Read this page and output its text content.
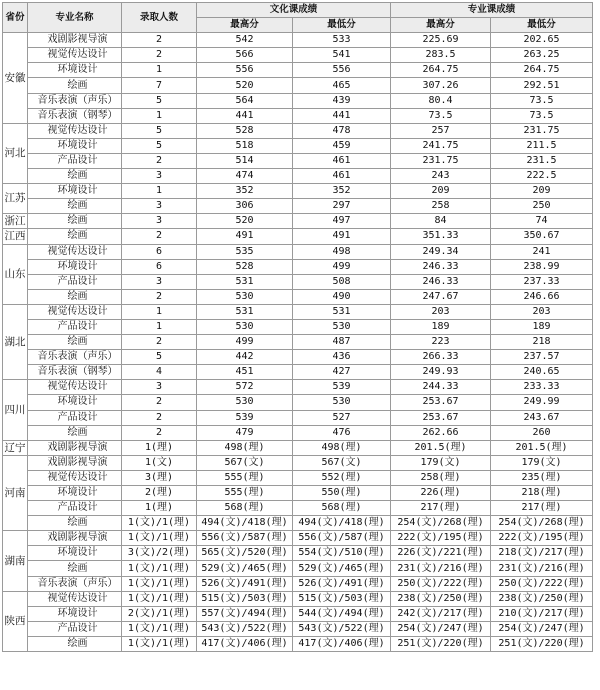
省份	专业名称	录取人数	文化课成绩		专业课成绩	
			最高分	最低分	最高分	最低分
安徽	戏剧影视导演	2	542	533	225.69	202.65
	视觉传达设计	2	566	541	283.5	263.25
	环境设计	1	556	556	264.75	264.75
	绘画	7	520	465	307.26	292.51
	音乐表演（声乐）	5	564	439	80.4	73.5
	音乐表演（钢琴）	1	441	441	73.5	73.5
河北	视觉传达设计	5	528	478	257	231.75
	环境设计	5	518	459	241.75	211.5
	产品设计	2	514	461	231.75	231.5
	绘画	3	474	461	243	222.5
江苏	环境设计	1	352	352	209	209
	绘画	3	306	297	258	250
浙江	绘画	3	520	497	84	74
江西	绘画	2	491	491	351.33	350.67
山东	视觉传达设计	6	535	498	249.34	241
	环境设计	6	528	499	246.33	238.99
	产品设计	3	531	508	246.33	237.33
	绘画	2	530	490	247.67	246.66
湖北	视觉传达设计	1	531	531	203	203
	产品设计	1	530	530	189	189
	绘画	2	499	487	223	218
	音乐表演（声乐）	5	442	436	266.33	237.57
	音乐表演（钢琴）	4	451	427	249.93	240.65
四川	视觉传达设计	3	572	539	244.33	233.33
	环境设计	2	530	530	253.67	249.99
	产品设计	2	539	527	253.67	243.67
	绘画	2	479	476	262.66	260
辽宁	戏剧影视导演	1(理)	498(理)	498(理)	201.5(理)	201.5(理)
河南	戏剧影视导演	1(文)	567(文)	567(文)	179(文)	179(文)
	视觉传达设计	3(理)	555(理)	552(理)	258(理)	235(理)
	环境设计	2(理)	555(理)	550(理)	226(理)	218(理)
	产品设计	1(理)	568(理)	568(理)	217(理)	217(理)
	绘画	1(文)/1(理)	494(文)/418(理)	494(文)/418(理)	254(文)/268(理)	254(文)/268(理)
湖南	戏剧影视导演	1(文)/1(理)	556(文)/587(理)	556(文)/587(理)	222(文)/195(理)	222(文)/195(理)
	环境设计	3(文)/2(理)	565(文)/520(理)	554(文)/510(理)	226(文)/221(理)	218(文)/217(理)
	绘画	1(文)/1(理)	529(文)/465(理)	529(文)/465(理)	231(文)/216(理)	231(文)/216(理)
	音乐表演（声乐）	1(文)/1(理)	526(文)/491(理)	526(文)/491(理)	250(文)/222(理)	250(文)/222(理)
陕西	视觉传达设计	1(文)/1(理)	515(文)/503(理)	515(文)/503(理)	238(文)/250(理)	238(文)/250(理)
	环境设计	2(文)/1(理)	557(文)/494(理)	544(文)/494(理)	242(文)/217(理)	210(文)/217(理)
	产品设计	1(文)/1(理)	543(文)/522(理)	543(文)/522(理)	254(文)/247(理)	254(文)/247(理)
	绘画	1(文)/1(理)	417(文)/406(理)	417(文)/406(理)	251(文)/220(理)	251(文)/220(理)
